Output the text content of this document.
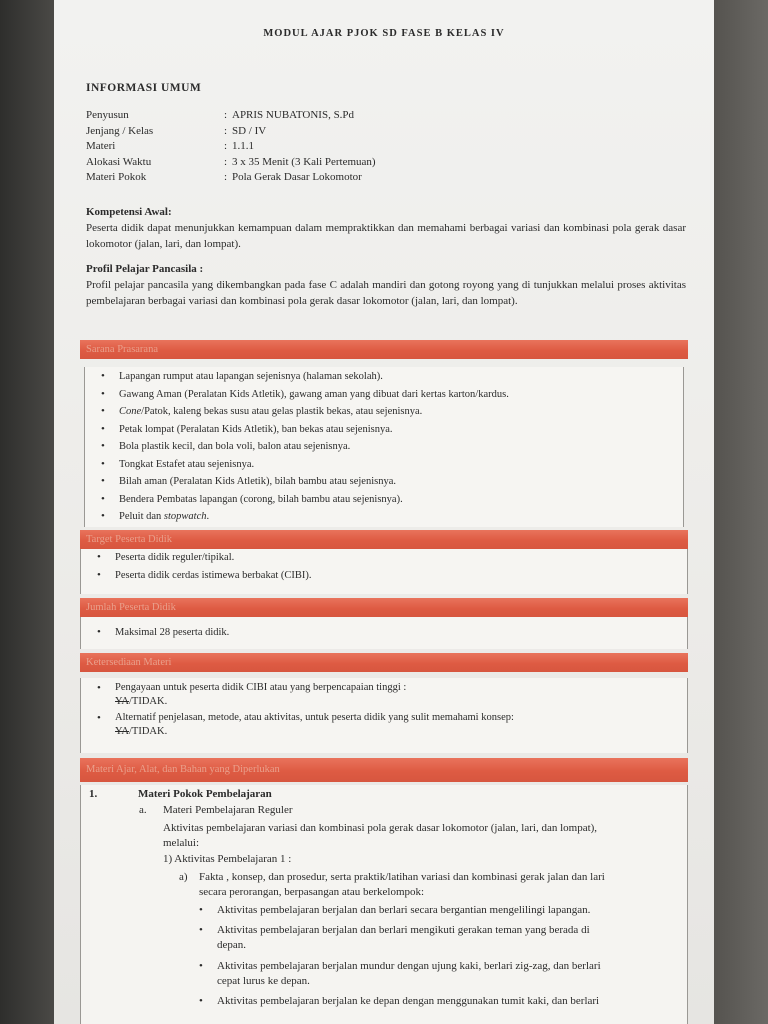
MODUL AJAR PJOK SD FASE B KELAS IV
INFORMASI UMUM
Penyusun	: APRIS NUBATONIS, S.Pd
Jenjang / Kelas	: SD / IV
Materi	: 1.1.1
Alokasi Waktu	: 3 x 35 Menit (3 Kali Pertemuan)
Materi Pokok	: Pola Gerak Dasar Lokomotor
Kompetensi Awal:
Peserta didik dapat menunjukkan kemampuan dalam mempraktikkan dan memahami berbagai variasi dan kombinasi pola gerak dasar lokomotor (jalan, lari, dan lompat).
Profil Pelajar Pancasila :
Profil pelajar pancasila yang dikembangkan pada fase C adalah mandiri dan gotong royong yang di tunjukkan melalui proses aktivitas pembelajaran berbagai variasi dan kombinasi pola gerak dasar lokomotor (jalan, lari, dan lompat).
Sarana Prasarana
• Lapangan rumput atau lapangan sejenisnya (halaman sekolah).
• Gawang Aman (Peralatan Kids Atletik), gawang aman yang dibuat dari kertas karton/kardus.
• Cone/Patok, kaleng bekas susu atau gelas plastik bekas, atau sejenisnya.
• Petak lompat (Peralatan Kids Atletik), ban bekas atau sejenisnya.
• Bola plastik kecil, dan bola voli, balon atau sejenisnya.
• Tongkat Estafet atau sejenisnya.
• Bilah aman (Peralatan Kids Atletik), bilah bambu atau sejenisnya.
• Bendera Pembatas lapangan (corong, bilah bambu atau sejenisnya).
• Peluit dan stopwatch.
Target Peserta Didik
• Peserta didik reguler/tipikal.
• Peserta didik cerdas istimewa berbakat (CIBI).
Jumlah Peserta Didik
• Maksimal 28 peserta didik.
Ketersediaan Materi
• Pengayaan untuk peserta didik CIBI atau yang berpencapaian tinggi :
YA/TIDAK.
• Alternatif penjelasan, metode, atau aktivitas, untuk peserta didik yang sulit memahami konsep:
YA/TIDAK.
Materi Ajar, Alat, dan Bahan yang Diperlukan
1.	Materi Pokok Pembelajaran
a. Materi Pembelajaran Reguler
Aktivitas pembelajaran variasi dan kombinasi pola gerak dasar lokomotor (jalan, lari, dan lompat),
melalui:
1) Aktivitas Pembelajaran 1 :
a) Fakta , konsep, dan prosedur, serta praktik/latihan variasi dan kombinasi gerak jalan dan lari
secara perorangan, berpasangan atau berkelompok:
• Aktivitas pembelajaran berjalan dan berlari secara bergantian mengelilingi lapangan.
• Aktivitas pembelajaran berjalan dan berlari mengikuti gerakan teman yang berada di
depan.
• Aktivitas pembelajaran berjalan mundur dengan ujung kaki, berlari zig-zag, dan berlari
cepat lurus ke depan.
• Aktivitas pembelajaran berjalan ke depan dengan menggunakan tumit kaki, dan berlari
